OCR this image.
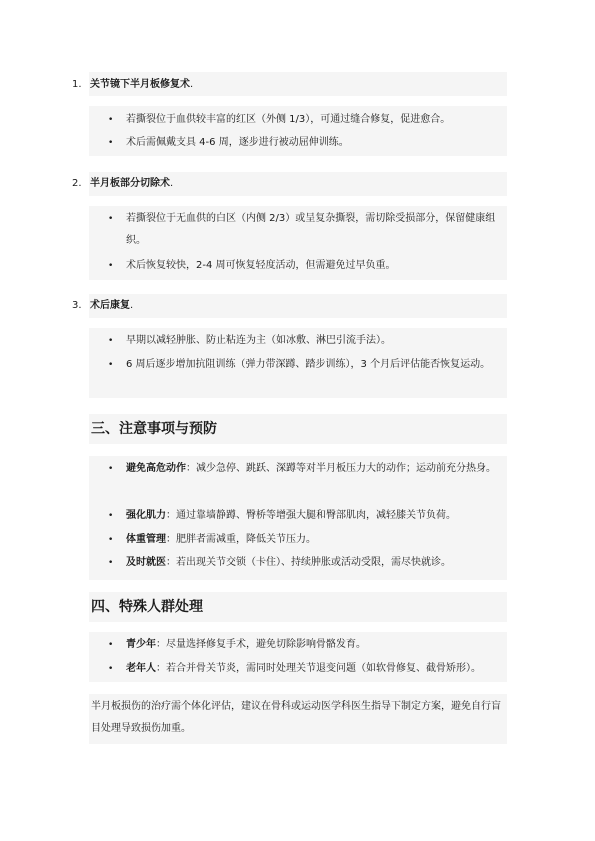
1. 关节镜下半月板修复术.
•	若撕裂位于血供较丰富的红区（外侧 1/3），可通过缝合修复，促进愈合。
•	术后需佩戴支具 4-6 周，逐步进行被动屈伸训练。
2. 半月板部分切除术.
•	若撕裂位于无血供的白区（内侧 2/3）或呈复杂撕裂，需切除受损部分，保留健康组织。
•	术后恢复较快，2-4 周可恢复轻度活动，但需避免过早负重。
3. 术后康复.
•	早期以减轻肿胀、防止粘连为主（如冰敷、淋巴引流手法）。
•	6 周后逐步增加抗阻训练（弹力带深蹲、踏步训练），3 个月后评估能否恢复运动。
三、注意事项与预防
•	避免高危动作：减少急停、跳跃、深蹲等对半月板压力大的动作；运动前充分热身。
•	强化肌力：通过靠墙静蹲、臀桥等增强大腿和臀部肌肉，减轻膝关节负荷。
•	体重管理：肥胖者需减重，降低关节压力。
•	及时就医：若出现关节交锁（卡住）、持续肿胀或活动受限，需尽快就诊。
四、特殊人群处理
•	青少年：尽量选择修复手术，避免切除影响骨骼发育。
•	老年人：若合并骨关节炎，需同时处理关节退变问题（如软骨修复、截骨矫形）。
半月板损伤的治疗需个体化评估，建议在骨科或运动医学科医生指导下制定方案，避免自行盲目处理导致损伤加重。
